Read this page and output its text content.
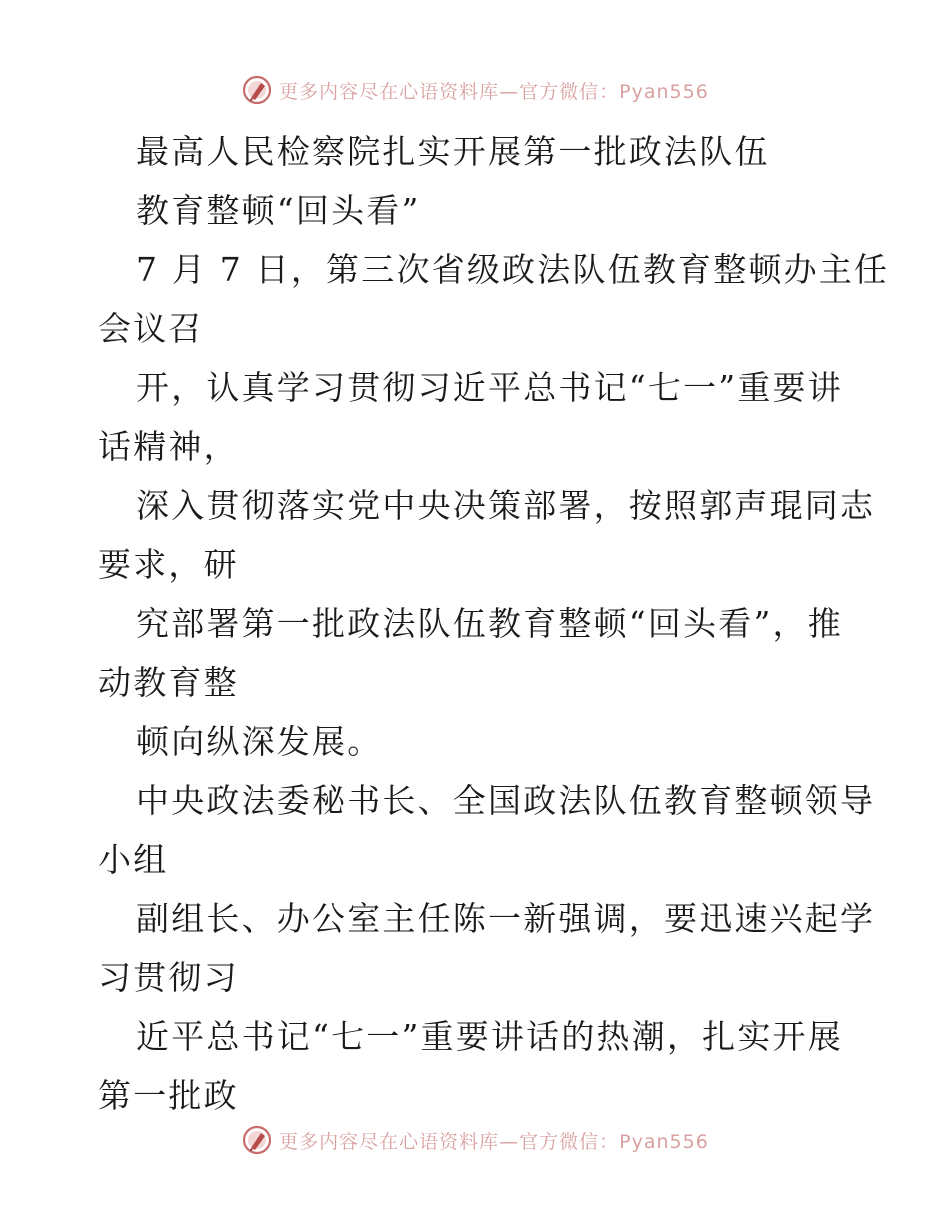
更多内容尽在心语资料库—官方微信：Pyan556
最高人民检察院扎实开展第一批政法队伍
教育整顿“回头看”
7 月 7 日，第三次省级政法队伍教育整顿办主任
会议召
开，认真学习贯彻习近平总书记“七一”重要讲
话精神，
深入贯彻落实党中央决策部署，按照郭声琨同志
要求，研
究部署第一批政法队伍教育整顿“回头看”，推
动教育整
顿向纵深发展。
中央政法委秘书长、全国政法队伍教育整顿领导
小组
副组长、办公室主任陈一新强调，要迅速兴起学
习贯彻习
近平总书记“七一”重要讲话的热潮，扎实开展
第一批政
更多内容尽在心语资料库—官方微信：Pyan556
